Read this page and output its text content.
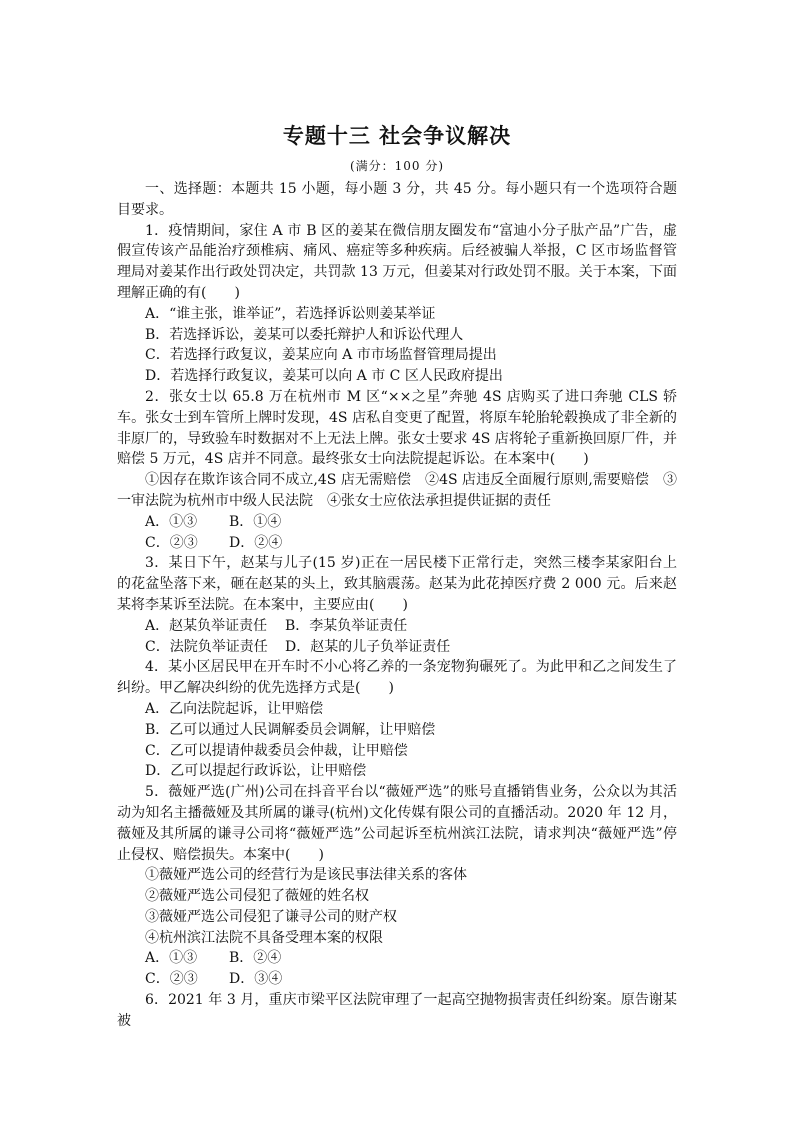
专题十三 社会争议解决
(满分：100 分)

一、选择题：本题共 15 小题，每小题 3 分，共 45 分。每小题只有一个选项符合题目要求。

1．疫情期间，家住 A 市 B 区的姜某在微信朋友圈发布“富迪小分子肽产品”广告，虚假宣传该产品能治疗颈椎病、痛风、癌症等多种疾病。后经被骗人举报，C 区市场监督管理局对姜某作出行政处罚决定，共罚款 13 万元，但姜某对行政处罚不服。关于本案，下面理解正确的有(　　)

A．“谁主张，谁举证”，若选择诉讼则姜某举证

B．若选择诉讼，姜某可以委托辩护人和诉讼代理人

C．若选择行政复议，姜某应向 A 市市场监督管理局提出

D．若选择行政复议，姜某可以向 A 市 C 区人民政府提出

2．张女士以 65.8 万在杭州市 M 区“××之星”奔驰 4S 店购买了进口奔驰 CLS 轿车。张女士到车管所上牌时发现，4S 店私自变更了配置，将原车轮胎轮毂换成了非全新的非原厂的，导致验车时数据对不上无法上牌。张女士要求 4S 店将轮子重新换回原厂件，并赔偿 5 万元，4S 店并不同意。最终张女士向法院提起诉讼。在本案中(　　)

①因存在欺诈该合同不成立,4S 店无需赔偿　②4S 店违反全面履行原则,需要赔偿　③一审法院为杭州市中级人民法院　④张女士应依法承担提供证据的责任

A．①③ B．①④

C．②③ D．②④

3．某日下午，赵某与儿子(15 岁)正在一居民楼下正常行走，突然三楼李某家阳台上的花盆坠落下来，砸在赵某的头上，致其脑震荡。赵某为此花掉医疗费 2 000 元。后来赵某将李某诉至法院。在本案中，主要应由(　　)

A．赵某负举证责任 B．李某负举证责任

C．法院负举证责任 D．赵某的儿子负举证责任

4．某小区居民甲在开车时不小心将乙养的一条宠物狗碾死了。为此甲和乙之间发生了纠纷。甲乙解决纠纷的优先选择方式是(　　)

A．乙向法院起诉，让甲赔偿

B．乙可以通过人民调解委员会调解，让甲赔偿

C．乙可以提请仲裁委员会仲裁，让甲赔偿

D．乙可以提起行政诉讼，让甲赔偿

5．薇娅严选(广州)公司在抖音平台以“薇娅严选”的账号直播销售业务，公众以为其活动为知名主播薇娅及其所属的谦寻(杭州)文化传媒有限公司的直播活动。2020 年 12 月，薇娅及其所属的谦寻公司将“薇娅严选”公司起诉至杭州滨江法院，请求判决“薇娅严选”停止侵权、赔偿损失。本案中(　　)

①薇娅严选公司的经营行为是该民事法律关系的客体

②薇娅严选公司侵犯了薇娅的姓名权

③薇娅严选公司侵犯了谦寻公司的财产权

④杭州滨江法院不具备受理本案的权限

A．①③ B．②④

C．②③ D．③④

6．2021 年 3 月，重庆市梁平区法院审理了一起高空抛物损害责任纠纷案。原告谢某被
